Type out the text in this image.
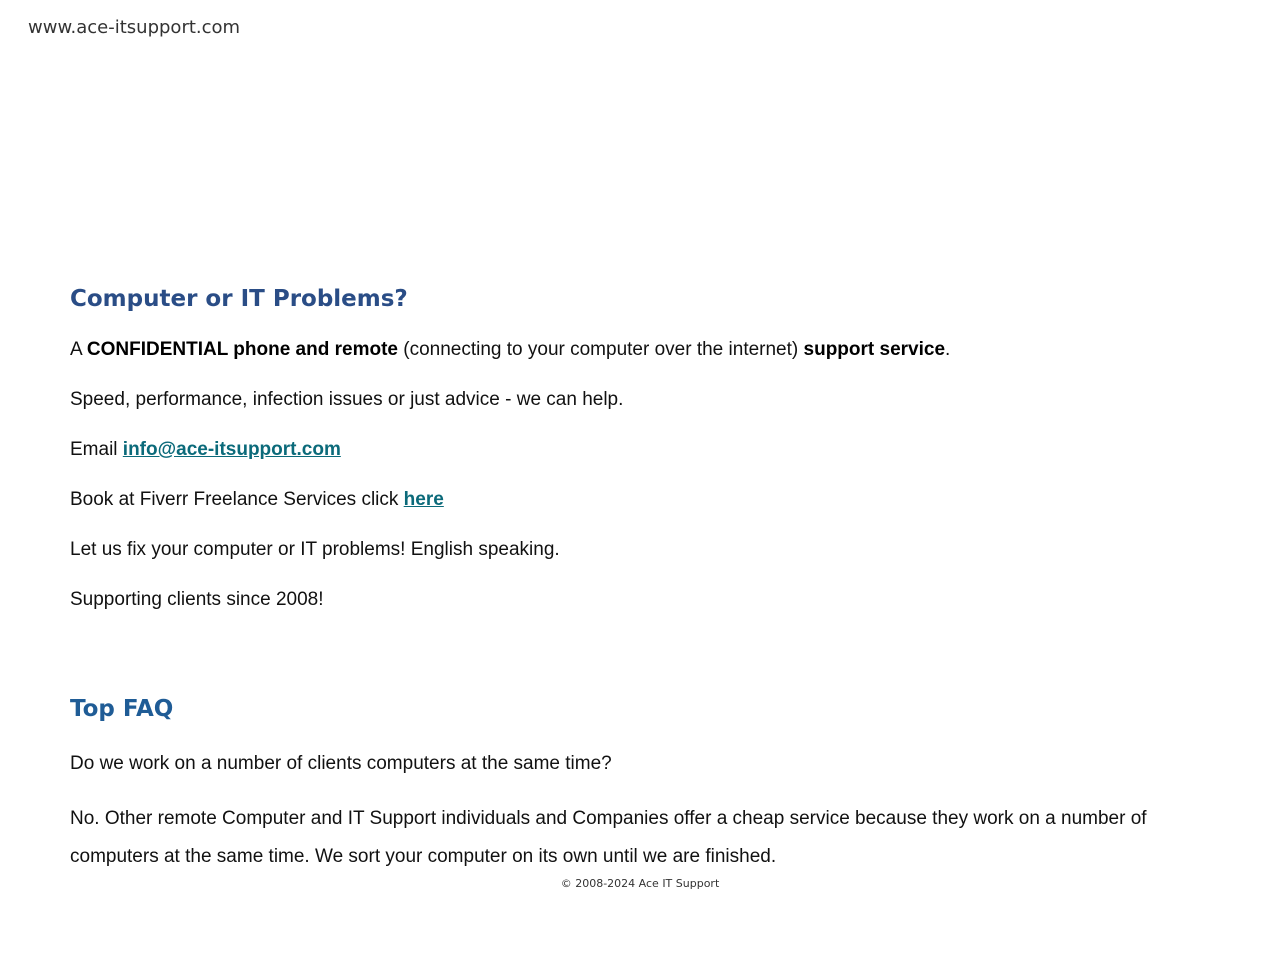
www.ace-itsupport.com
Computer or IT Problems?

A CONFIDENTIAL phone and remote (connecting to your computer over the internet) support service.

Speed, performance, infection issues or just advice - we can help.

Email info@ace-itsupport.com

Book at Fiverr Freelance Services click here

Let us fix your computer or IT problems! English speaking.

Supporting clients since 2008!

Top FAQ

Do we work on a number of clients computers at the same time?

No. Other remote Computer and IT Support individuals and Companies offer a cheap service because they work on a number of computers at the same time. We sort your computer on its own until we are finished.

© 2008-2024 Ace IT Support
